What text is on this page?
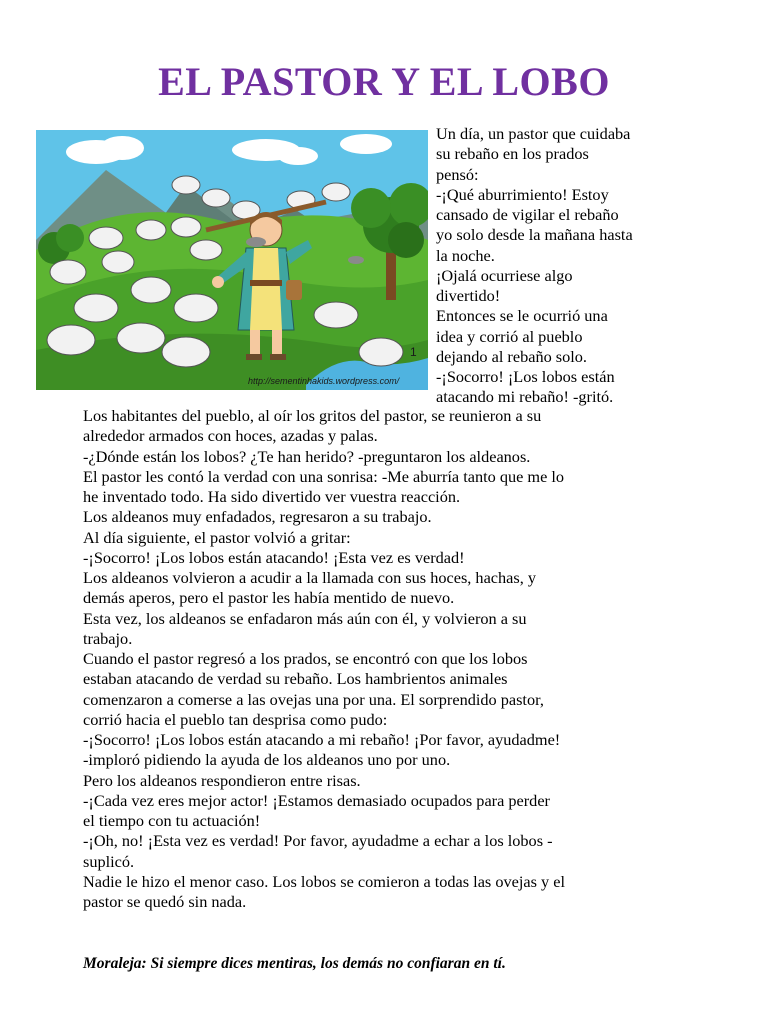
EL PASTOR Y EL LOBO
http://sementinhakids.wordpress.com/
1
Un día, un pastor que cuidaba
su rebaño en los prados
pensó:
-¡Qué aburrimiento! Estoy
cansado de vigilar el rebaño
yo solo desde la mañana hasta
la noche.
¡Ojalá ocurriese algo
divertido!
Entonces se le ocurrió una
idea y corrió al pueblo
dejando al rebaño solo.
-¡Socorro! ¡Los lobos están
atacando mi rebaño! -gritó.
Los habitantes del pueblo, al oír los gritos del pastor, se reunieron a su
alrededor armados con hoces, azadas y palas.
-¿Dónde están los lobos? ¿Te han herido? -preguntaron los aldeanos.
El pastor les contó la verdad con una sonrisa: -Me aburría tanto que me lo
he inventado todo. Ha sido divertido ver vuestra reacción.
Los aldeanos muy enfadados, regresaron a su trabajo.
Al día siguiente, el pastor volvió a gritar:
-¡Socorro! ¡Los lobos están atacando! ¡Esta vez es verdad!
Los aldeanos volvieron a acudir a la llamada con sus hoces, hachas, y
demás aperos, pero el pastor les había mentido de nuevo.
Esta vez, los aldeanos se enfadaron más aún con él, y volvieron a su
trabajo.
Cuando el pastor regresó a los prados, se encontró con que los lobos
estaban atacando de verdad su rebaño. Los hambrientos animales
comenzaron a comerse a las ovejas una por una. El sorprendido pastor,
corrió hacia el pueblo tan desprisa como pudo:
-¡Socorro! ¡Los lobos están atacando a mi rebaño! ¡Por favor, ayudadme!
-imploró pidiendo la ayuda de los aldeanos uno por uno.
Pero los aldeanos respondieron entre risas.
-¡Cada vez eres mejor actor! ¡Estamos demasiado ocupados para perder
el tiempo con tu actuación!
-¡Oh, no! ¡Esta vez es verdad! Por favor, ayudadme a echar a los lobos -
suplicó.
Nadie le hizo el menor caso. Los lobos se comieron a todas las ovejas y el
pastor se quedó sin nada.
Moraleja: Si siempre dices mentiras, los demás no confiaran en tí.
